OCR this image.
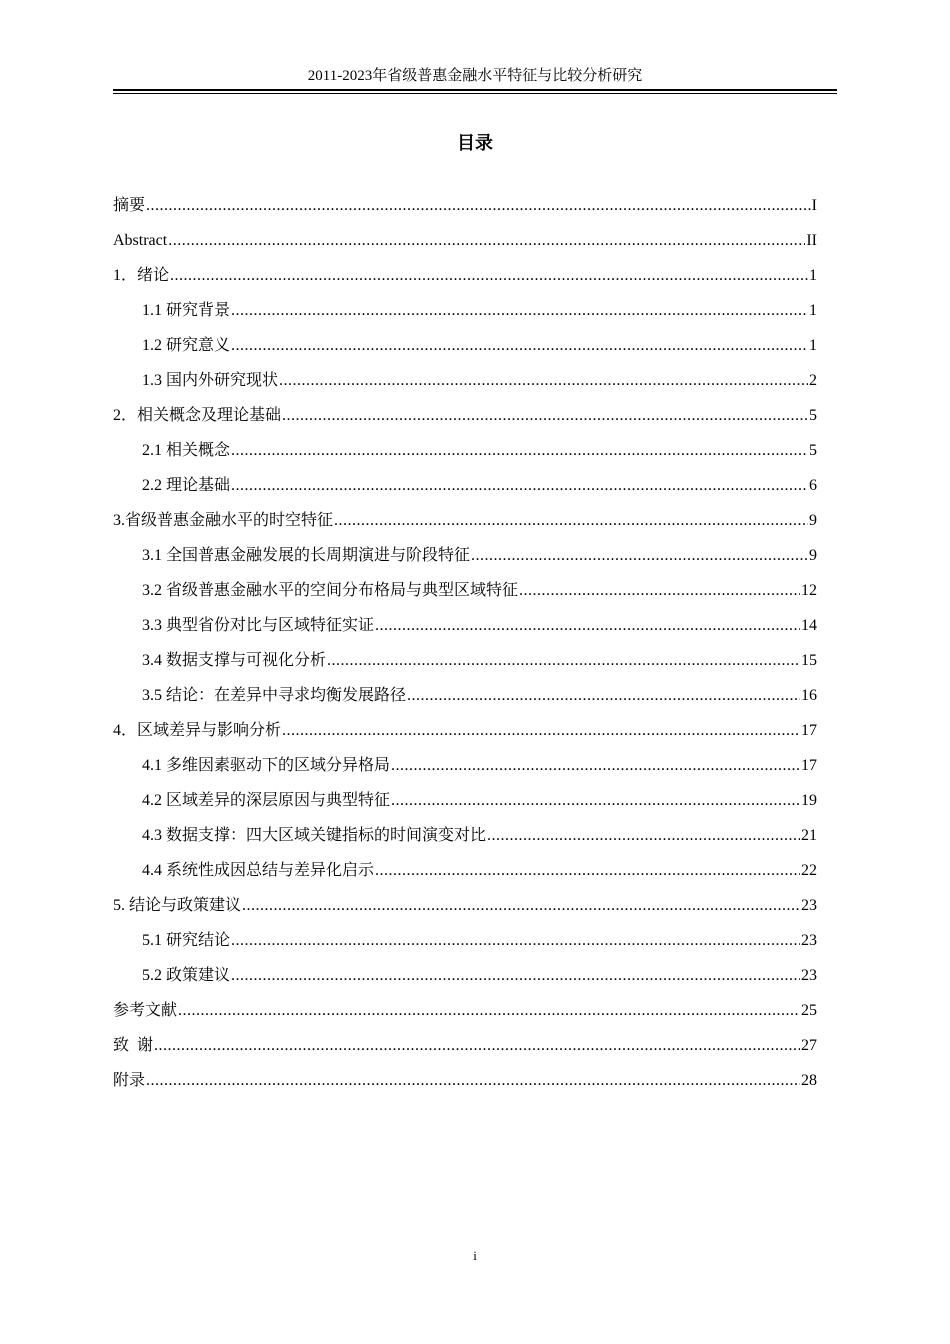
2011-2023年省级普惠金融水平特征与比较分析研究
目录
摘要 .....	I
Abstract .....	II
1．绪论 .....	1
1.1 研究背景 .....	1
1.2 研究意义 .....	1
1.3 国内外研究现状 .....	2
2．相关概念及理论基础 .....	5
2.1 相关概念 .....	5
2.2 理论基础 .....	6
3.省级普惠金融水平的时空特征 .....	9
3.1 全国普惠金融发展的长周期演进与阶段特征 .....	9
3.2 省级普惠金融水平的空间分布格局与典型区域特征 .....	12
3.3 典型省份对比与区域特征实证 .....	14
3.4 数据支撑与可视化分析 .....	15
3.5 结论：在差异中寻求均衡发展路径 .....	16
4．区域差异与影响分析 .....	17
4.1 多维因素驱动下的区域分异格局 .....	17
4.2 区域差异的深层原因与典型特征 .....	19
4.3 数据支撑：四大区域关键指标的时间演变对比 .....	21
4.4 系统性成因总结与差异化启示 .....	22
5. 结论与政策建议 .....	23
5.1 研究结论 .....	23
5.2 政策建议 .....	23
参考文献 .....	25
致  谢 .....	27
附录 .....	28
i
